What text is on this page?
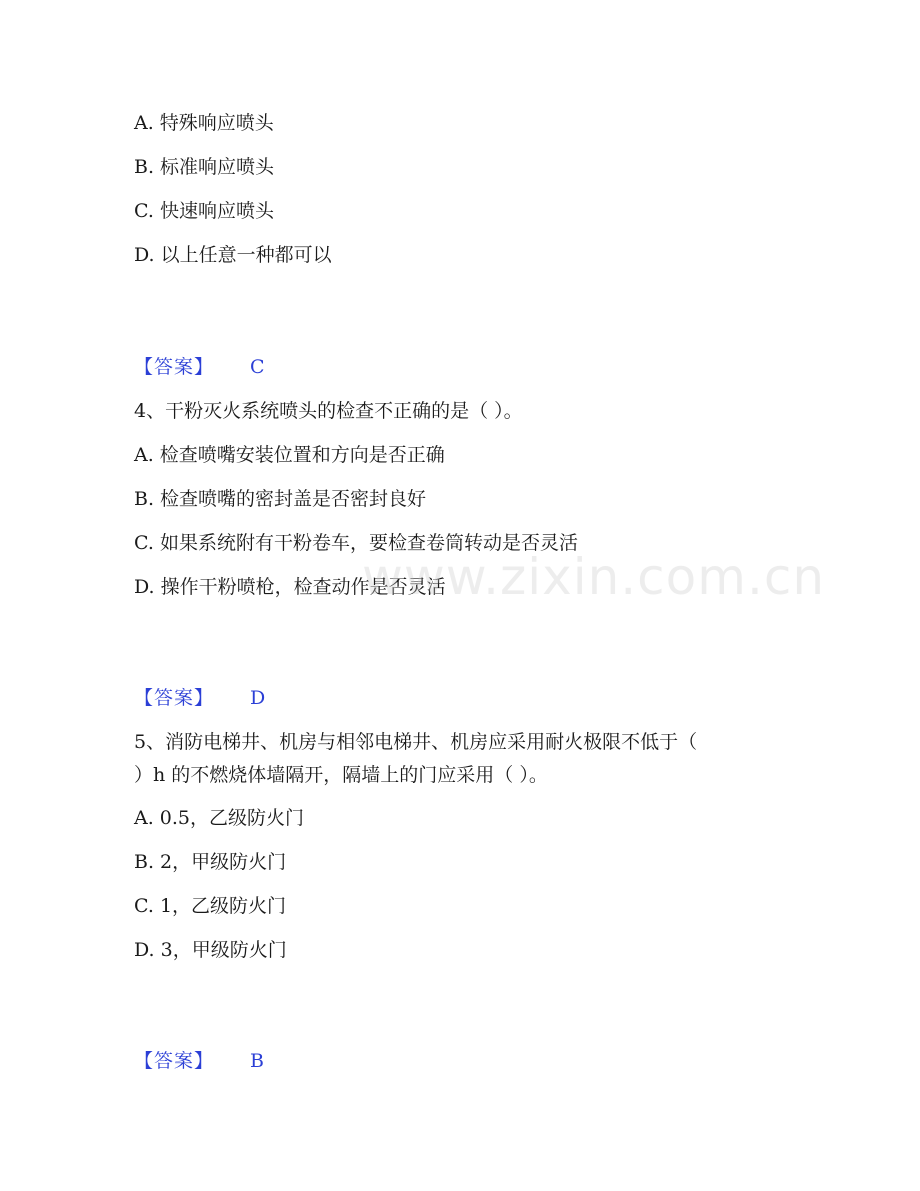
A. 特殊响应喷头
B. 标准响应喷头
C. 快速响应喷头
D. 以上任意一种都可以
【答案】 C
4、干粉灭火系统喷头的检查不正确的是（ ）。
A. 检查喷嘴安装位置和方向是否正确
B. 检查喷嘴的密封盖是否密封良好
C. 如果系统附有干粉卷车，要检查卷筒转动是否灵活
D. 操作干粉喷枪，检查动作是否灵活
【答案】 D
5、消防电梯井、机房与相邻电梯井、机房应采用耐火极限不低于（
）h 的不燃烧体墙隔开，隔墙上的门应采用（ ）。
A. 0.5，乙级防火门
B. 2，甲级防火门
C. 1，乙级防火门
D. 3，甲级防火门
【答案】 B
www.zixin.com.cn
